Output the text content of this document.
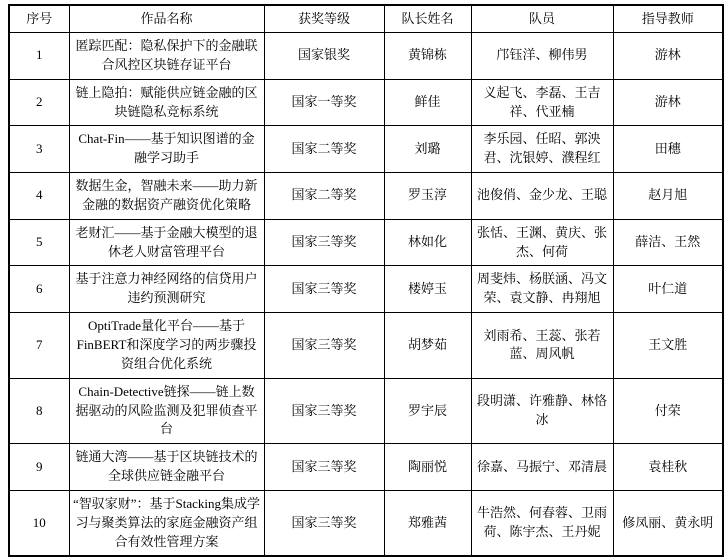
序号	作品名称	获奖等级	队长姓名	队员	指导教师
1	匿踪匹配：隐私保护下的金融联合风控区块链存证平台	国家银奖	黄锦栋	邝钰洋、柳伟男	游林
2	链上隐拍：赋能供应链金融的区块链隐私竞标系统	国家一等奖	鲜佳	义起飞、李磊、王吉祥、代亚楠	游林
3	Chat-Fin——基于知识图谱的金融学习助手	国家二等奖	刘璐	李乐园、任昭、郭泱君、沈银婷、濮程红	田穗
4	数据生金，智融未来——助力新金融的数据资产融资优化策略	国家二等奖	罗玉淳	池俊俏、金少龙、王聪	赵月旭
5	老财汇——基于金融大模型的退休老人财富管理平台	国家三等奖	林如化	张恬、王渊、黄庆、张杰、何荷	薛洁、王然
6	基于注意力神经网络的信贷用户违约预测研究	国家三等奖	楼婷玉	周斐炜、杨朕涵、冯文荣、袁文静、冉翔旭	叶仁道
7	OptiTrade量化平台——基于FinBERT和深度学习的两步骤投资组合优化系统	国家三等奖	胡梦茹	刘雨希、王蕊、张若蓝、周风帆	王文胜
8	Chain-Detective链探——链上数据驱动的风险监测及犯罪侦查平台	国家三等奖	罗宇辰	段明潇、许雅静、林恪冰	付荣
9	链通大湾——基于区块链技术的全球供应链金融平台	国家三等奖	陶丽悦	徐嘉、马振宁、邓清晨	袁桂秋
10	“智驭家财”：基于Stacking集成学习与聚类算法的家庭金融资产组合有效性管理方案	国家三等奖	郑雅茜	牛浩然、何春蓉、卫雨荷、陈宇杰、王丹妮	修凤丽、黄永明
